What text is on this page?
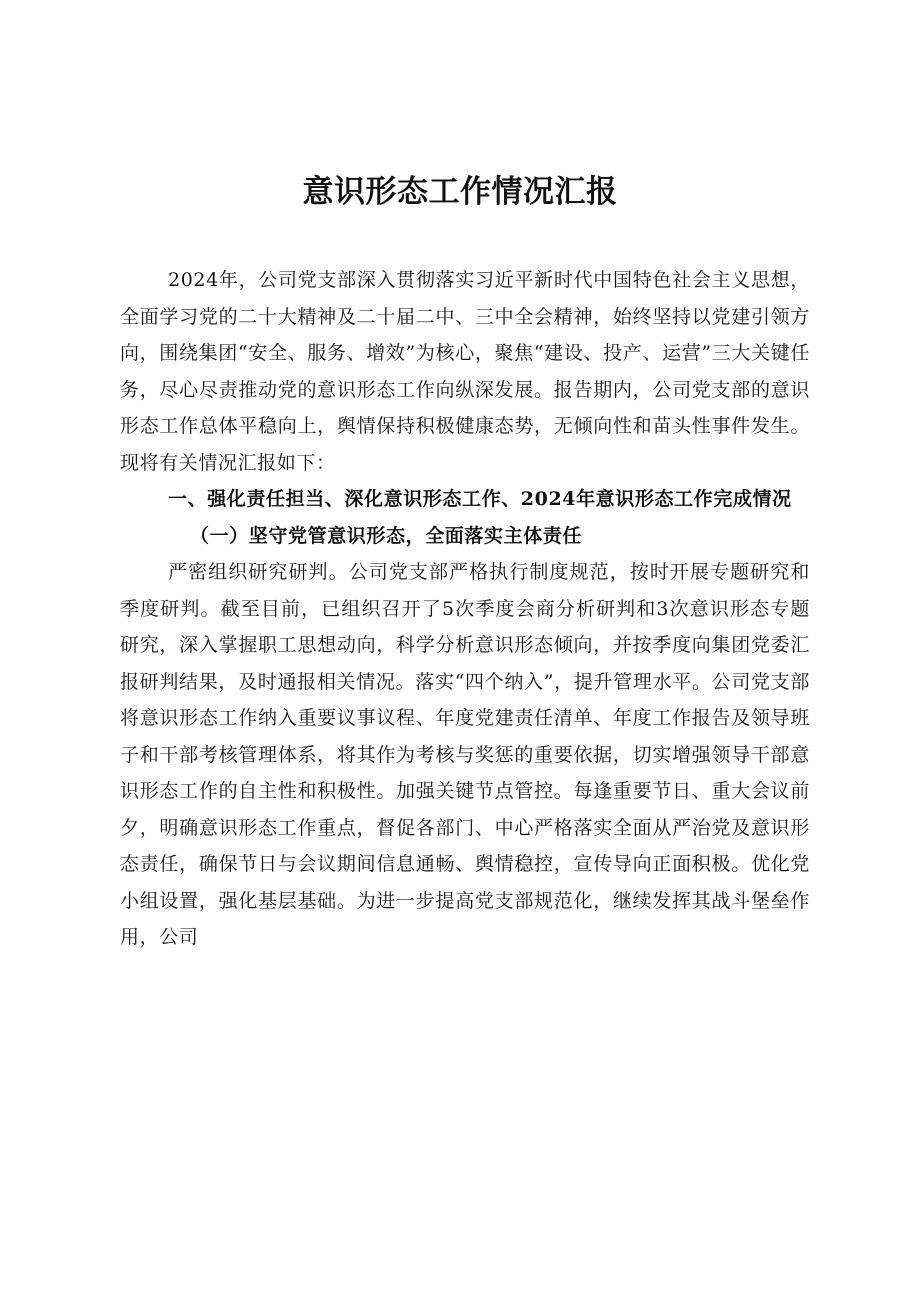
意识形态工作情况汇报

2024年，公司党支部深入贯彻落实习近平新时代中国特色社会主义思想，全面学习党的二十大精神及二十届二中、三中全会精神，始终坚持以党建引领方向，围绕集团“安全、服务、增效”为核心，聚焦“建设、投产、运营”三大关键任务，尽心尽责推动党的意识形态工作向纵深发展。报告期内，公司党支部的意识形态工作总体平稳向上，舆情保持积极健康态势，无倾向性和苗头性事件发生。现将有关情况汇报如下：

一、强化责任担当、深化意识形态工作、2024年意识形态工作完成情况

（一）坚守党管意识形态，全面落实主体责任

严密组织研究研判。公司党支部严格执行制度规范，按时开展专题研究和季度研判。截至目前，已组织召开了5次季度会商分析研判和3次意识形态专题研究，深入掌握职工思想动向，科学分析意识形态倾向，并按季度向集团党委汇报研判结果，及时通报相关情况。落实“四个纳入”，提升管理水平。公司党支部将意识形态工作纳入重要议事议程、年度党建责任清单、年度工作报告及领导班子和干部考核管理体系，将其作为考核与奖惩的重要依据，切实增强领导干部意识形态工作的自主性和积极性。加强关键节点管控。每逢重要节日、重大会议前夕，明确意识形态工作重点，督促各部门、中心严格落实全面从严治党及意识形态责任，确保节日与会议期间信息通畅、舆情稳控，宣传导向正面积极。优化党小组设置，强化基层基础。为进一步提高党支部规范化，继续发挥其战斗堡垒作用，公司
